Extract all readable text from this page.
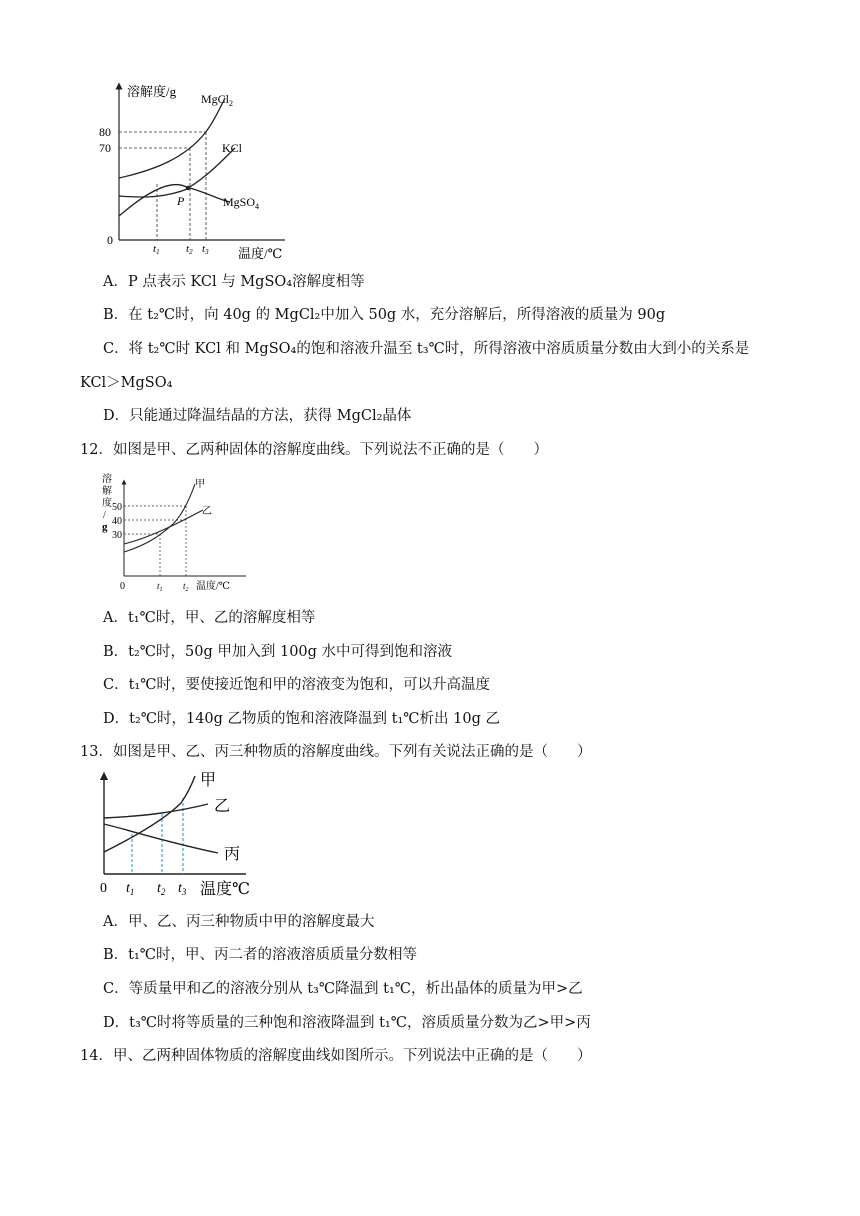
溶解度/g
温度/℃
0
80
70
P
MgCl$_2$
KCl
MgSO$_4$
t1 t2 t3
A．P 点表示 KCl 与 MgSO₄溶解度相等
B．在 t₂℃时，向 40g 的 MgCl₂中加入 50g 水，充分溶解后，所得溶液的质量为 90g
C．将 t₂℃时 KCl 和 MgSO₄的饱和溶液升温至 t₃℃时，所得溶液中溶质质量分数由大到小的关系是
KCl＞MgSO₄
D．只能通过降温结晶的方法，获得 MgCl₂晶体
12．如图是甲、乙两种固体的溶解度曲线。下列说法不正确的是（　　）
溶
解
度
/
g
50
40
30
甲
乙
0	$t_1$ $t_2$ 温度/℃
A．t₁℃时，甲、乙的溶解度相等
B．t₂℃时，50g 甲加入到 100g 水中可得到饱和溶液
C．t₁℃时，要使接近饱和甲的溶液变为饱和，可以升高温度
D．t₂℃时，140g 乙物质的饱和溶液降温到 t₁℃析出 10g 乙
13．如图是甲、乙、丙三种物质的溶解度曲线。下列有关说法正确的是（　　）
甲
乙
丙
0 $t_1$ $t_2$ $t_3$ 温度℃
A．甲、乙、丙三种物质中甲的溶解度最大
B．t₁℃时，甲、丙二者的溶液溶质质量分数相等
C．等质量甲和乙的溶液分别从 t₃℃降温到 t₁℃，析出晶体的质量为甲>乙
D．t₃℃时将等质量的三种饱和溶液降温到 t₁℃，溶质质量分数为乙>甲>丙
14．甲、乙两种固体物质的溶解度曲线如图所示。下列说法中正确的是（　　）
